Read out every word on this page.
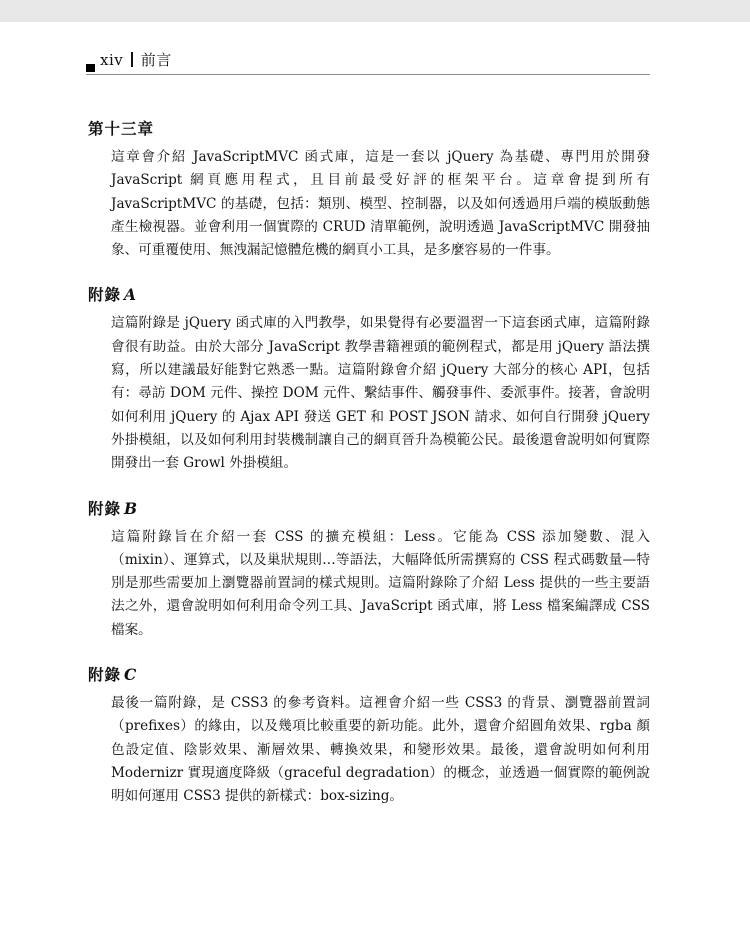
xiv 前言
第十三章

這章會介紹 JavaScriptMVC 函式庫，這是一套以 jQuery 為基礎、專門用於開發 JavaScript 網頁應用程式，且目前最受好評的框架平台。這章會提到所有 JavaScriptMVC 的基礎，包括：類別、模型、控制器，以及如何透過用戶端的模版動態產生檢視器。並會利用一個實際的 CRUD 清單範例，說明透過 JavaScriptMVC 開發抽象、可重覆使用、無洩漏記憶體危機的網頁小工具，是多麼容易的一件事。

附錄 A

這篇附錄是 jQuery 函式庫的入門教學，如果覺得有必要溫習一下這套函式庫，這篇附錄會很有助益。由於大部分 JavaScript 教學書籍裡頭的範例程式，都是用 jQuery 語法撰寫，所以建議最好能對它熟悉一點。這篇附錄會介紹 jQuery 大部分的核心 API，包括有：尋訪 DOM 元件、操控 DOM 元件、繫結事件、觸發事件、委派事件。接著，會說明如何利用 jQuery 的 Ajax API 發送 GET 和 POST JSON 請求、如何自行開發 jQuery 外掛模組，以及如何利用封裝機制讓自己的網頁晉升為模範公民。最後還會說明如何實際開發出一套 Growl 外掛模組。

附錄 B

這篇附錄旨在介紹一套 CSS 的擴充模組：Less。它能為 CSS 添加變數、混入（mixin）、運算式，以及巢狀規則…等語法，大幅降低所需撰寫的 CSS 程式碼數量—特別是那些需要加上瀏覽器前置詞的樣式規則。這篇附錄除了介紹 Less 提供的一些主要語法之外，還會說明如何利用命令列工具、JavaScript 函式庫，將 Less 檔案編譯成 CSS 檔案。

附錄 C

最後一篇附錄，是 CSS3 的參考資料。這裡會介紹一些 CSS3 的背景、瀏覽器前置詞（prefixes）的緣由，以及幾項比較重要的新功能。此外，還會介紹圓角效果、rgba 顏色設定值、陰影效果、漸層效果、轉換效果，和變形效果。最後，還會說明如何利用 Modernizr 實現適度降級（graceful degradation）的概念，並透過一個實際的範例說明如何運用 CSS3 提供的新樣式：box-sizing。
